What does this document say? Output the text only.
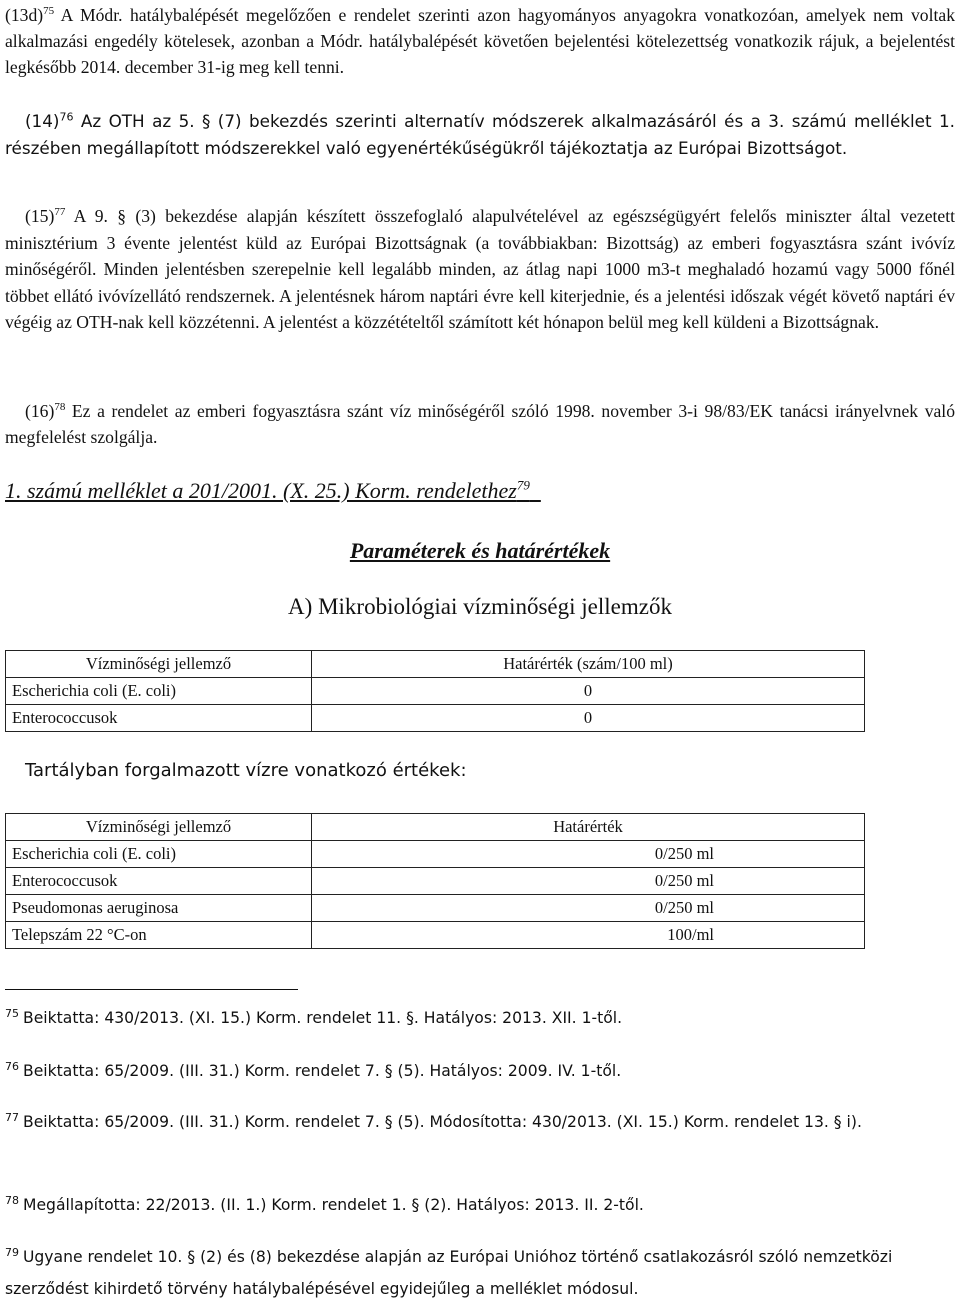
$(13d)^{75}$ A Módr. hatálybalépését megelőzően e rendelet szerinti azon hagyományos anyagokra vonatkozóan, amelyek nem voltak alkalmazási engedély kötelesek, azonban a Módr. hatálybalépését követően bejelentési kötelezettség vonatkozik rájuk, a bejelentést legkésőbb 2014. december 31-ig meg kell tenni.

$(14)^{76}$ Az OTH az 5. § (7) bekezdés szerinti alternatív módszerek alkalmazásáról és a 3. számú melléklet 1. részében megállapított módszerekkel való egyenértékűségükről tájékoztatja az Európai Bizottságot.

$(15)^{77}$ A 9. § (3) bekezdése alapján készített összefoglaló alapulvételével az egészségügyért felelős miniszter által vezetett minisztérium 3 évente jelentést küld az Európai Bizottságnak (a továbbiakban: Bizottság) az emberi fogyasztásra szánt ivóvíz minőségéről. Minden jelentésben szerepelnie kell legalább minden, az átlag napi 1000 m3-t meghaladó hozamú vagy 5000 főnél többet ellátó ivóvízellátó rendszernek. A jelentésnek három naptári évre kell kiterjednie, és a jelentési időszak végét követő naptári év végéig az OTH-nak kell közzétenni. A jelentést a közzétételtől számított két hónapon belül meg kell küldeni a Bizottságnak.

$(16)^{78}$ Ez a rendelet az emberi fogyasztásra szánt víz minőségéről szóló 1998. november 3-i 98/83/EK tanácsi irányelvnek való megfelelést szolgálja.

1. számú melléklet a 201/2001. (X. 25.) Korm. rendelethez$^{79}$
Paraméterek és határértékek
A) Mikrobiológiai vízminőségi jellemzők
Vízminőségi jellemző	Határérték (szám/100 ml)
Escherichia coli (E. coli)	0
Enterococcusok	0
Tartályban forgalmazott vízre vonatkozó értékek:
Vízminőségi jellemző	Határérték
Escherichia coli (E. coli)	0/250 ml
Enterococcusok	0/250 ml
Pseudomonas aeruginosa	0/250 ml
Telepszám 22 °C-on	100/ml
$^{75}$ Beiktatta: 430/2013. (XI. 15.) Korm. rendelet 11. §. Hatályos: 2013. XII. 1-től.
$^{76}$ Beiktatta: 65/2009. (III. 31.) Korm. rendelet 7. § (5). Hatályos: 2009. IV. 1-től.
$^{77}$ Beiktatta: 65/2009. (III. 31.) Korm. rendelet 7. § (5). Módosította: 430/2013. (XI. 15.) Korm. rendelet 13. § i).
$^{78}$ Megállapította: 22/2013. (II. 1.) Korm. rendelet 1. § (2). Hatályos: 2013. II. 2-től.
$^{79}$ Ugyane rendelet 10. § (2) és (8) bekezdése alapján az Európai Unióhoz történő csatlakozásról szóló nemzetközi szerződést kihirdető törvény hatálybalépésével egyidejűleg a melléklet módosul.
